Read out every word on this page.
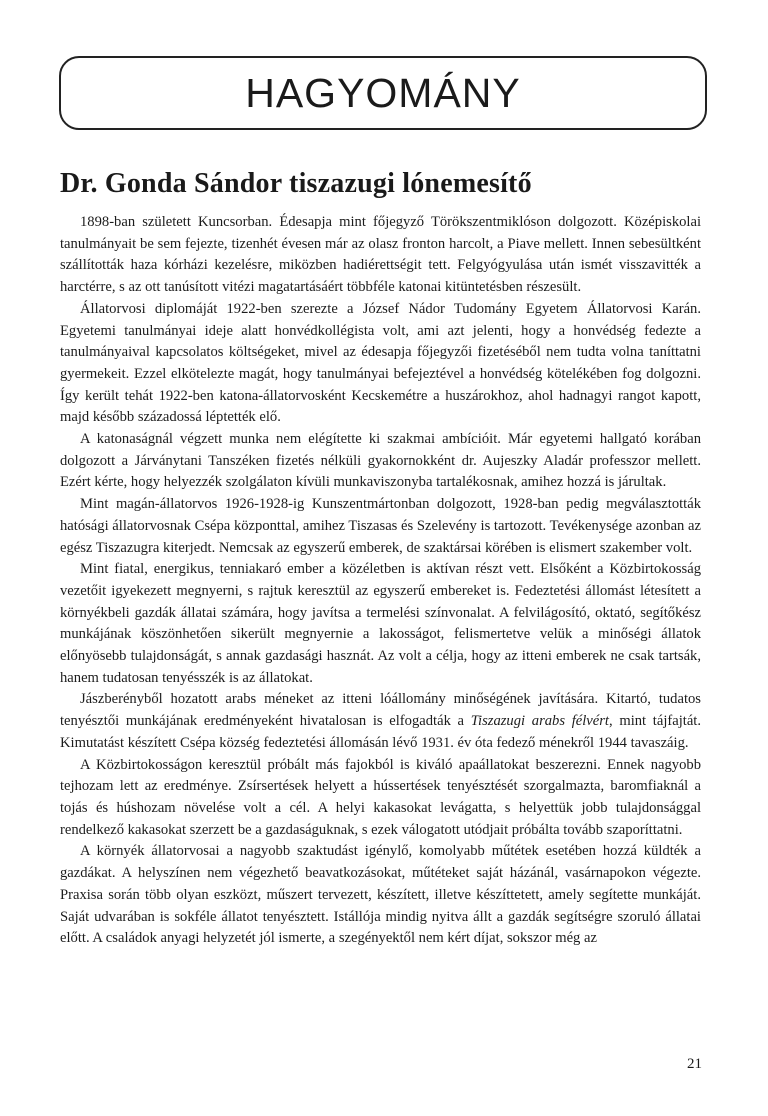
HAGYOMÁNY
Dr. Gonda Sándor tiszazugi lónemesítő

1898-ban született Kuncsorban. Édesapja mint főjegyző Törökszentmiklóson dolgozott. Középiskolai tanulmányait be sem fejezte, tizenhét évesen már az olasz fronton harcolt, a Piave mellett. Innen sebesültként szállították haza kórházi kezelésre, miközben hadiérettségit tett. Felgyógyulása után ismét visszavitték a harctérre, s az ott tanúsított vitézi magatartásáért többféle katonai kitüntetésben részesült.

Állatorvosi diplomáját 1922-ben szerezte a József Nádor Tudomány Egyetem Állatorvosi Karán. Egyetemi tanulmányai ideje alatt honvédkollégista volt, ami azt jelenti, hogy a honvédség fedezte a tanulmányaival kapcsolatos költségeket, mivel az édesapja főjegyzői fizetéséből nem tudta volna taníttatni gyermekeit. Ezzel elkötelezte magát, hogy tanulmányai befejeztével a honvédség kötelékében fog dolgozni. Így került tehát 1922-ben katona-állatorvosként Kecskemétre a huszárokhoz, ahol hadnagyi rangot kapott, majd később századossá léptették elő.

A katonaságnál végzett munka nem elégítette ki szakmai ambícióit. Már egyetemi hallgató korában dolgozott a Járványtani Tanszéken fizetés nélküli gyakornokként dr. Aujeszky Aladár professzor mellett. Ezért kérte, hogy helyezzék szolgálaton kívüli munkaviszonyba tartalékosnak, amihez hozzá is járultak.

Mint magán-állatorvos 1926-1928-ig Kunszentmártonban dolgozott, 1928-ban pedig megválasztották hatósági állatorvosnak Csépa központtal, amihez Tiszasas és Szelevény is tartozott. Tevékenysége azonban az egész Tiszazugra kiterjedt. Nemcsak az egyszerű emberek, de szaktársai körében is elismert szakember volt.

Mint fiatal, energikus, tenniakaró ember a közéletben is aktívan részt vett. Elsőként a Közbirtokosság vezetőit igyekezett megnyerni, s rajtuk keresztül az egyszerű embereket is. Fedeztetési állomást létesített a környékbeli gazdák állatai számára, hogy javítsa a termelési színvonalat. A felvilágosító, oktató, segítőkész munkájának köszönhetően sikerült megnyernie a lakosságot, felismertetve velük a minőségi állatok előnyösebb tulajdonságát, s annak gazdasági hasznát. Az volt a célja, hogy az itteni emberek ne csak tartsák, hanem tudatosan tenyésszék is az állatokat.

Jászberényből hozatott arabs méneket az itteni lóállomány minőségének javítására. Kitartó, tudatos tenyésztői munkájának eredményeként hivatalosan is elfogadták a Tiszazugi arabs félvért, mint tájfajtát. Kimutatást készített Csépa község fedeztetési állomásán lévő 1931. év óta fedező ménekről 1944 tavaszáig.

A Közbirtokosságon keresztül próbált más fajokból is kiváló apaállatokat beszerezni. Ennek nagyobb tejhozam lett az eredménye. Zsírsertések helyett a hússertések tenyésztését szorgalmazta, baromfiaknál a tojás és húshozam növelése volt a cél. A helyi kakasokat levágatta, s helyettük jobb tulajdonsággal rendelkező kakasokat szerzett be a gazdaságuknak, s ezek válogatott utódjait próbálta tovább szaporíttatni.

A környék állatorvosai a nagyobb szaktudást igénylő, komolyabb műtétek esetében hozzá küldték a gazdákat. A helyszínen nem végezhető beavatkozásokat, műtéteket saját házánál, vasárnapokon végezte. Praxisa során több olyan eszközt, műszert tervezett, készített, illetve készíttetett, amely segítette munkáját. Saját udvarában is sokféle állatot tenyésztett. Istállója mindig nyitva állt a gazdák segítségre szoruló állatai előtt. A családok anyagi helyzetét jól ismerte, a szegényektől nem kért díjat, sokszor még az

21
